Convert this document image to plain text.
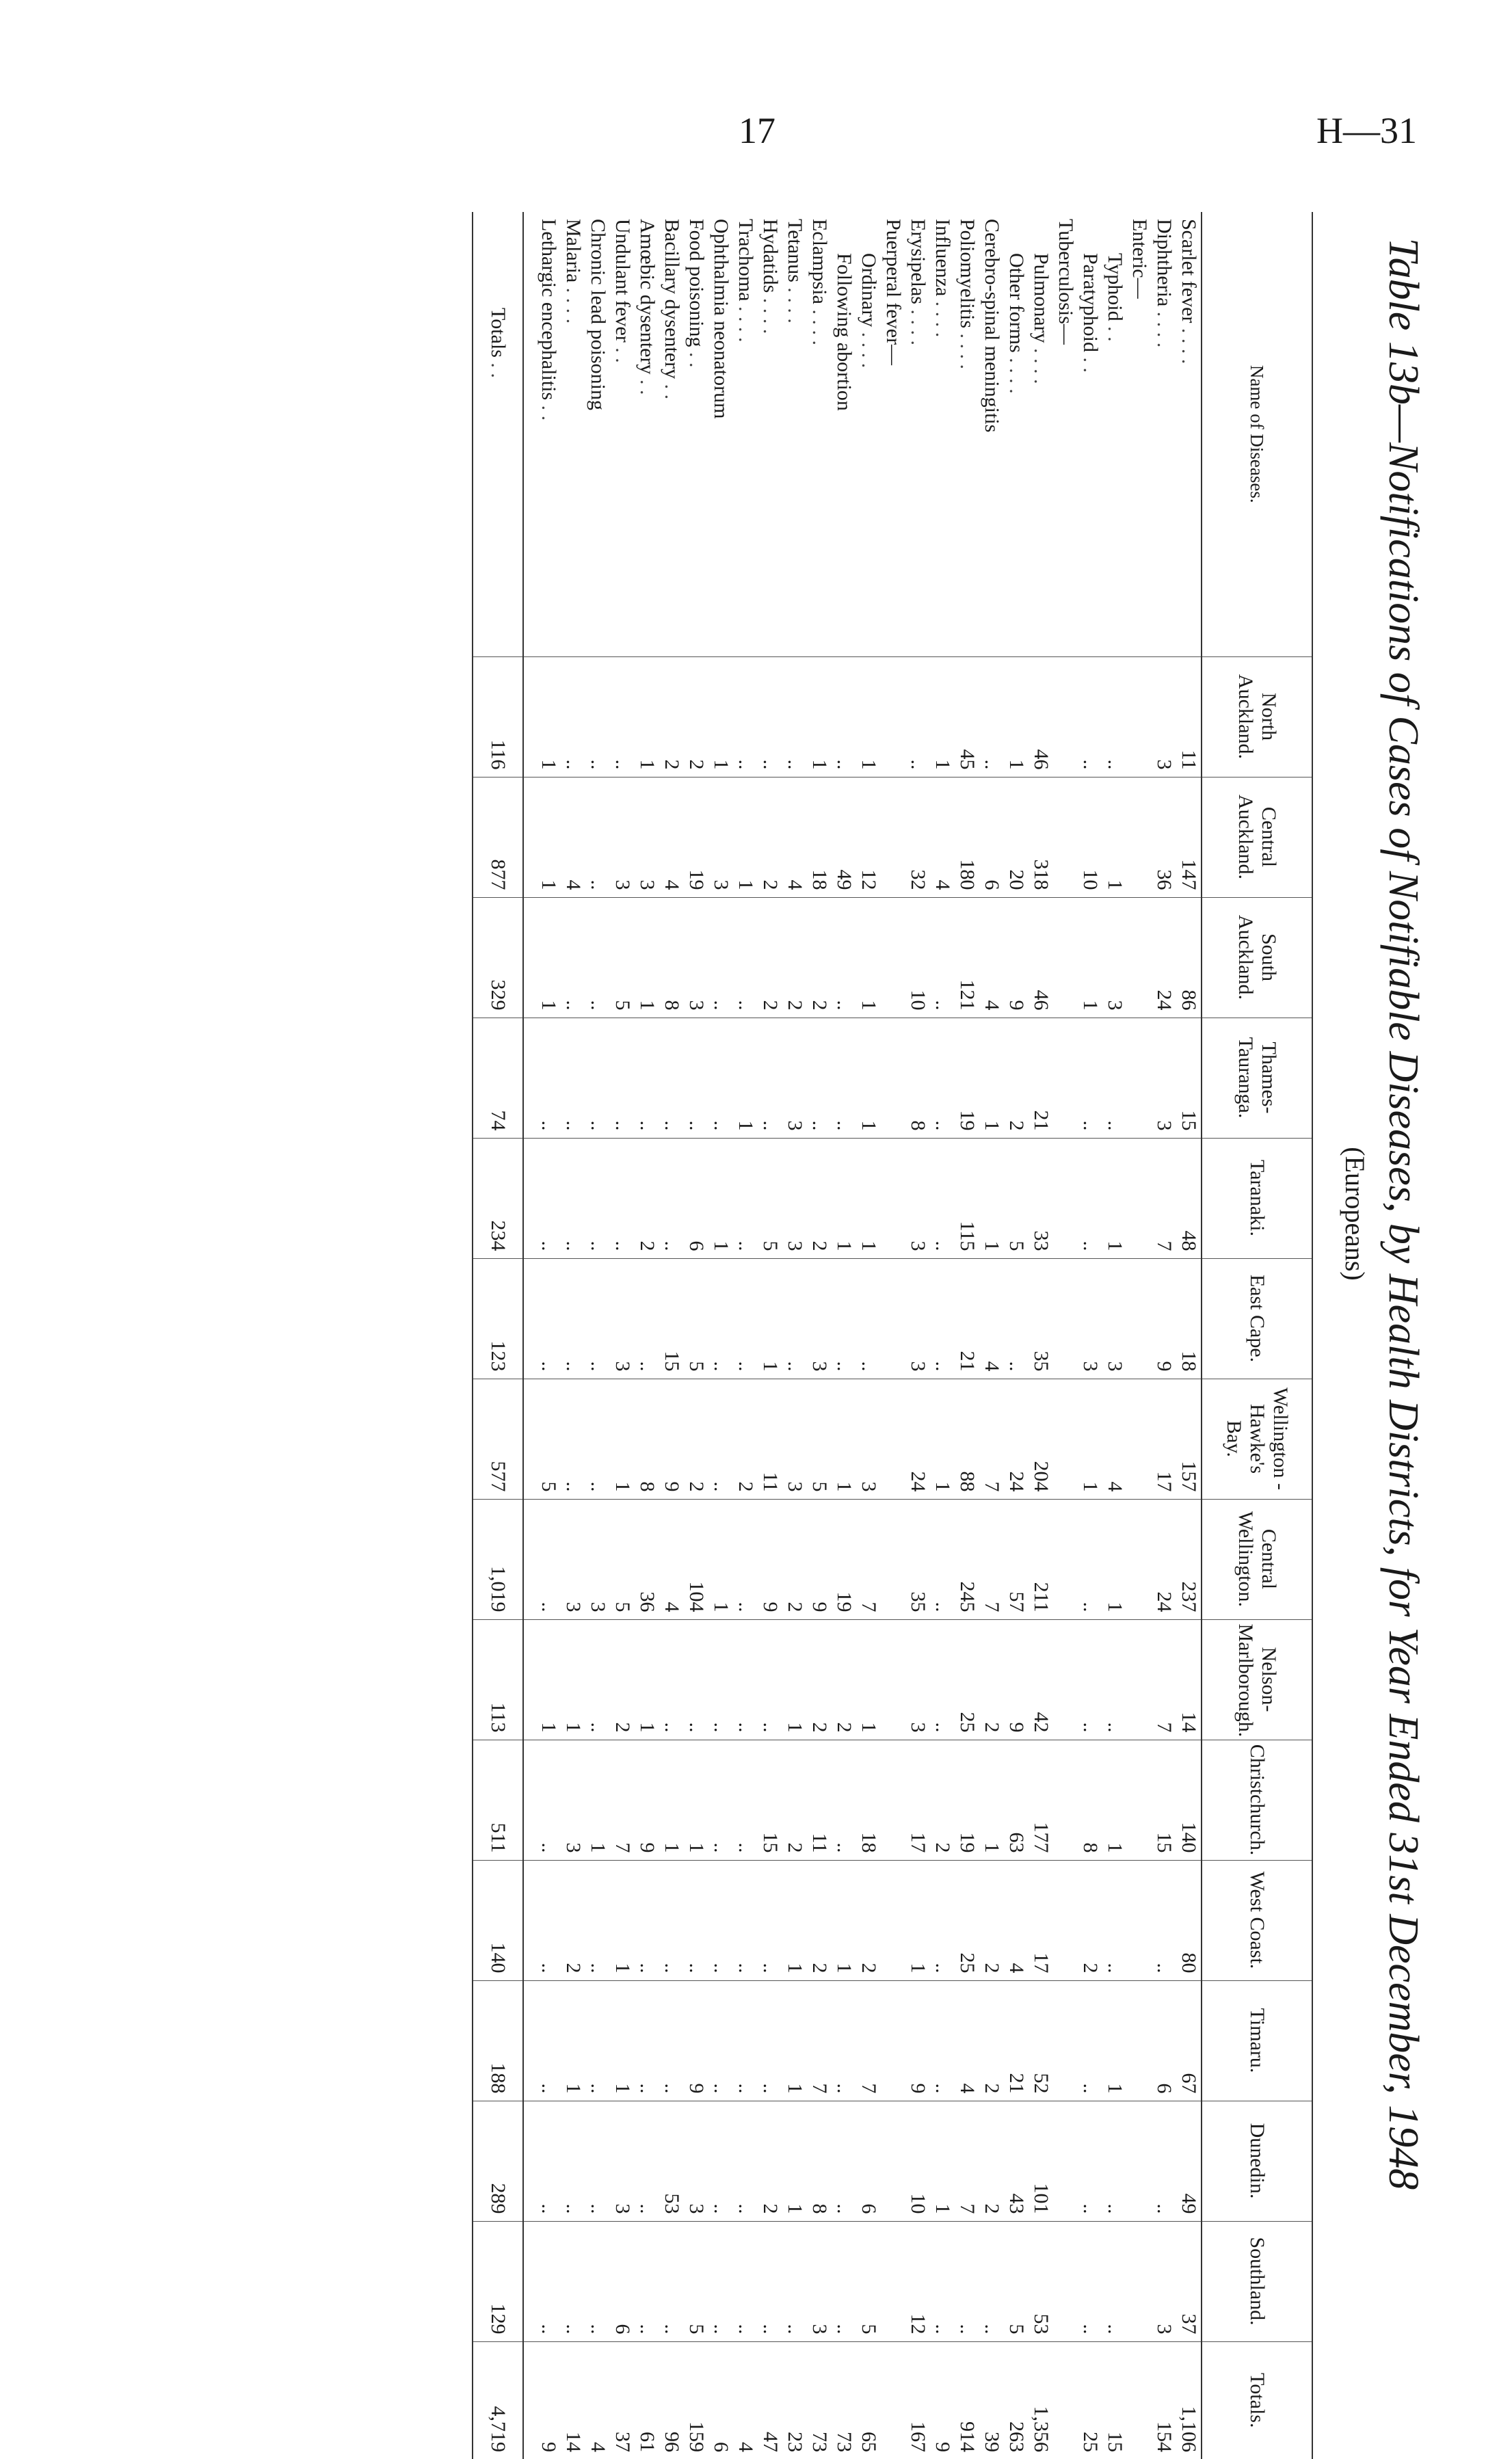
17	H—31
Table 13b—Notifications of Cases of Notifiable Diseases, by Health Districts, for Year Ended 31st December, 1948
(Europeans)
Name of Diseases.	North Auckland.	Central Auckland.	South Auckland.	Thames-Tauranga.	Taranaki.	East Cape.	Wellington - Hawke's Bay.	Central Wellington.	Nelson-Marlborough.	Christchurch.	West Coast.	Timaru.	Dunedin.	Southland.	Totals.
Scarlet fever . . . .	11	147	86	15	48	18	157	237	14	140	80	67	49	37	1,106
Diphtheria . . . .	3	36	24	3	7	9	17	24	7	15	..	6	..	3	154
Enteric—															
Typhoid . .	..	1	3	..	1	3	4	1	..	1	..	1	..	..	15
Paratyphoid . .	..	10	1	..	..	3	1	..	..	8	2	..	..	..	25
Tuberculosis—															
Pulmonary . . . .	46	318	46	21	33	35	204	211	42	177	17	52	101	53	1,356
Other forms . . . .	1	20	9	2	5	..	24	57	9	63	4	21	43	5	263
Cerebro-spinal meningitis	..	6	4	1	1	4	7	7	2	1	2	2	2	..	39
Poliomyelitis . . . .	45	180	121	19	115	21	88	245	25	19	25	4	7	..	914
Influenza . . . .	1	4	..	..	..	..	1	..	..	2	..	..	1	..	9
Erysipelas . . . .	..	32	10	8	3	3	24	35	3	17	1	9	10	12	167
Puerperal fever—															
Ordinary . . . .	1	12	1	1	1	..	3	7	1	18	2	7	6	5	65
Following abortion	..	49	..	..	1	..	1	19	2	..	1	..	..	..	73
Eclampsia . . . .	1	18	2	..	2	3	5	9	2	11	2	7	8	3	73
Tetanus . . . .	..	4	2	3	3	..	3	2	1	2	1	1	1	..	23
Hydatids . . . .	..	2	2	..	5	1	11	9	..	15	..	..	2	..	47
Trachoma . . . .	..	1	..	1	..	..	2	..	..	..	..	..	..	..	4
Ophthalmia neonatorum	1	3	..	..	1	..	..	1	..	..	..	..	..	..	6
Food poisoning . .	2	19	3	..	6	5	2	104	..	1	..	9	3	5	159
Bacillary dysentery . .	2	4	8	..	..	15	9	4	..	1	..	..	53	..	96
Amœbic dysentery . .	1	3	1	..	2	..	8	36	1	9	..	..	..	..	61
Undulant fever . .	..	3	5	..	..	3	1	5	2	7	1	1	3	6	37
Chronic lead poisoning	..	..	..	..	..	..	..	3	..	1	..	..	..	..	4
Malaria . . . .	..	4	..	..	..	..	..	3	1	3	2	1	..	..	14
Lethargic encephalitis . .	1	1	1	..	..	..	5	..	1	..	..	..	..	..	9

Totals . .	116	877	329	74	234	123	577	1,019	113	511	140	188	289	129	4,719
